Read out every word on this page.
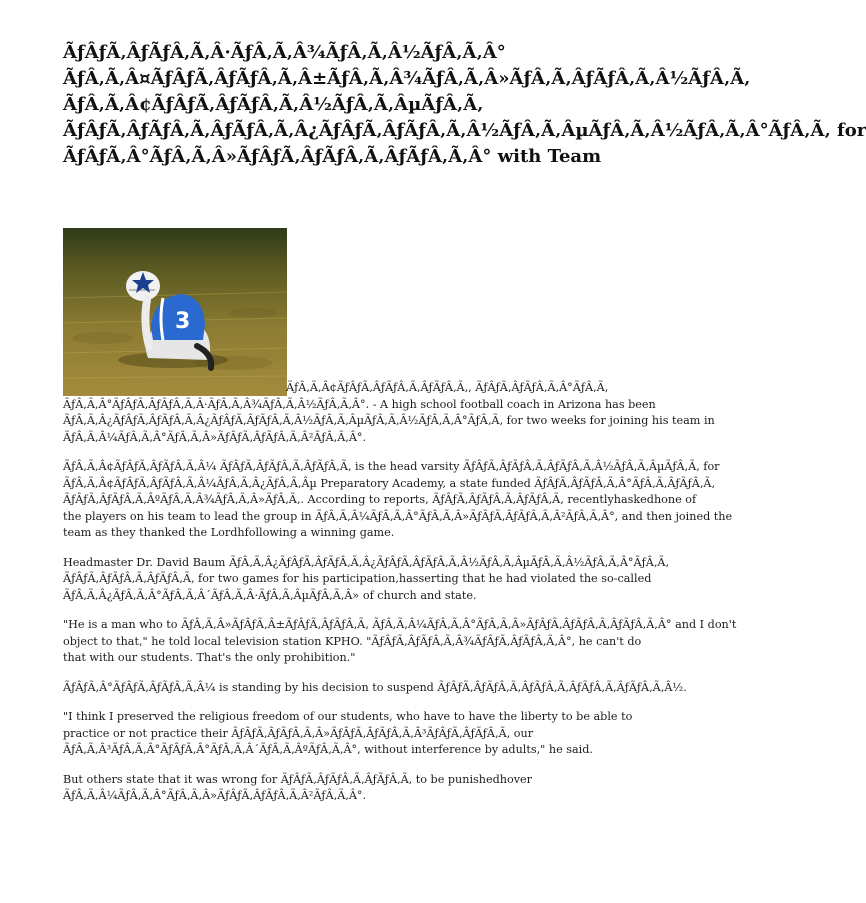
ÃƒÂƒÃ‚ÂƒÃƒÂ‚Ã‚Â·ÃƒÂ‚Ã‚Â¾ÃƒÂ‚Ã‚Â½ÃƒÂ‚Ã‚Â°
ÃƒÂ‚Ã‚Â¤ÃƒÂƒÃ‚ÂƒÃƒÂ‚Ã‚Â±ÃƒÂ‚Ã‚Â¾ÃƒÂ‚Ã‚Â»ÃƒÂ‚Ã‚ÂƒÃƒÂ‚Ã‚Â½ÃƒÂ‚Ã‚
ÃƒÂ‚Ã‚Â¢ÃƒÂƒÃ‚ÂƒÃƒÂ‚Ã‚Â½ÃƒÂ‚Ã‚ÂµÃƒÂ‚Ã‚
ÃƒÂƒÃ‚ÂƒÃƒÂ‚Ã‚ÂƒÃƒÂ‚Ã‚Â¿ÃƒÂƒÃ‚ÂƒÃƒÂ‚Ã‚Â½ÃƒÂ‚Ã‚ÂµÃƒÂ‚Ã‚Â½ÃƒÂ‚Ã‚Â°ÃƒÂ‚Ã‚ for
ÃƒÂƒÃ‚Â°ÃƒÂ‚Ã‚Â»ÃƒÂƒÃ‚ÂƒÃƒÂ‚Ã‚ÂƒÃƒÂ‚Ã‚Â° with Team
3

ÃƒÂ‚Ã‚Â¢ÃƒÂƒÃ‚ÂƒÃƒÂ‚Ã‚ÂƒÃƒÂ‚Ã‚, ÃƒÂƒÃ‚ÂƒÃƒÂ‚Ã‚Â°ÃƒÂ‚Ã‚
ÃƒÂ‚Ã‚Â°ÃƒÂƒÃ‚ÂƒÃƒÂ‚Ã‚Â·ÃƒÂ‚Ã‚Â¾ÃƒÂ‚Ã‚Â½ÃƒÂ‚Ã‚Â°. - A high school football coach in Arizona has been
ÃƒÂ‚Ã‚Â¿ÃƒÂƒÃ‚ÂƒÃƒÂ‚Ã‚Â¿ÃƒÂƒÃ‚ÂƒÃƒÂ‚Ã‚Â½ÃƒÂ‚Ã‚ÂµÃƒÂ‚Ã‚Â½ÃƒÂ‚Ã‚Â°ÃƒÂ‚Ã‚ for two weeks for joining his team in
ÃƒÂ‚Ã‚Â¼ÃƒÂ‚Ã‚Â°ÃƒÂ‚Ã‚Â»ÃƒÂƒÃ‚ÂƒÃƒÂ‚Ã‚Â²ÃƒÂ‚Ã‚Â°.

ÃƒÂ‚Ã‚Â¢ÃƒÂƒÃ‚ÂƒÃƒÂ‚Ã‚Â¼ ÃƒÂƒÃ‚ÂƒÃƒÂ‚Ã‚ÂƒÃƒÂ‚Ã‚ is the head varsity ÃƒÂƒÃ‚ÂƒÃƒÂ‚Ã‚ÂƒÃƒÂ‚Ã‚Â½ÃƒÂ‚Ã‚ÂµÃƒÂ‚Ã‚ for
ÃƒÂ‚Ã‚Â¢ÃƒÂƒÃ‚ÂƒÃƒÂ‚Ã‚Â¼ÃƒÂ‚Ã‚Â¿ÃƒÂ‚Ã‚Âµ Preparatory Academy, a state funded ÃƒÂƒÃ‚ÂƒÃƒÂ‚Ã‚Â°ÃƒÂ‚Ã‚ÂƒÃƒÂ‚Ã‚
ÃƒÂƒÃ‚ÂƒÃƒÂ‚Ã‚ÂºÃƒÂ‚Ã‚Â¾ÃƒÂ‚Ã‚Â»ÃƒÂ‚Ã‚. According to reports, ÃƒÂƒÃ‚ÂƒÃƒÂ‚Ã‚ÂƒÃƒÂ‚Ã‚ recentlyhaskedhone of
the players on his team to lead the group in ÃƒÂ‚Ã‚Â¼ÃƒÂ‚Ã‚Â°ÃƒÂ‚Ã‚Â»ÃƒÂƒÃ‚ÂƒÃƒÂ‚Ã‚Â²ÃƒÂ‚Ã‚Â°, and then joined the
team as they thanked the Lordhfollowing a winning game.

Headmaster Dr. David Baum ÃƒÂ‚Ã‚Â¿ÃƒÂƒÃ‚ÂƒÃƒÂ‚Ã‚Â¿ÃƒÂƒÃ‚ÂƒÃƒÂ‚Ã‚Â½ÃƒÂ‚Ã‚ÂµÃƒÂ‚Ã‚Â½ÃƒÂ‚Ã‚Â°ÃƒÂ‚Ã‚
ÃƒÂƒÃ‚ÂƒÃƒÂ‚Ã‚ÂƒÃƒÂ‚Ã‚ for two games for his participation,hasserting that he had violated the so-called
ÃƒÂ‚Ã‚Â¿ÃƒÂ‚Ã‚Â°ÃƒÂ‚Ã‚Â´ÃƒÂ‚Ã‚Â·ÃƒÂ‚Ã‚ÂµÃƒÂ‚Ã‚Â» of church and state.

"He is a man who to ÃƒÂ‚Ã‚Â»ÃƒÂƒÃ‚Â±ÃƒÂƒÃ‚ÂƒÃƒÂ‚Ã‚ ÃƒÂ‚Ã‚Â¼ÃƒÂ‚Ã‚Â°ÃƒÂ‚Ã‚Â»ÃƒÂƒÃ‚ÂƒÃƒÂ‚Ã‚ÂƒÃƒÂ‚Ã‚Â° and I don't
object to that," he told local television station KPHO. "ÃƒÂƒÃ‚ÂƒÃƒÂ‚Ã‚Â¾ÃƒÂƒÃ‚ÂƒÃƒÂ‚Ã‚Â°, he can't do
that with our students. That's the only prohibition."

ÃƒÂƒÃ‚Â°ÃƒÂƒÃ‚ÂƒÃƒÂ‚Ã‚Â¼ is standing by his decision to suspend ÃƒÂƒÃ‚ÂƒÃƒÂ‚Ã‚ÂƒÃƒÂ‚Ã‚ÂƒÃƒÂ‚Ã‚ÂƒÃƒÂ‚Ã‚Â½.

"I think I preserved the religious freedom of our students, who have to have the liberty to be able to
practice or not practice their ÃƒÂƒÃ‚ÂƒÃƒÂ‚Ã‚Â»ÃƒÂƒÃ‚ÂƒÃƒÂ‚Ã‚Â³ÃƒÂƒÃ‚ÂƒÃƒÂ‚Ã‚ our
ÃƒÂ‚Ã‚Â³ÃƒÂ‚Ã‚Â°ÃƒÂƒÃ‚Â°ÃƒÂ‚Ã‚Â´ÃƒÂ‚Ã‚ÂºÃƒÂ‚Ã‚Â°, without interference by adults," he said.

But others state that it was wrong for ÃƒÂƒÃ‚ÂƒÃƒÂ‚Ã‚ÂƒÃƒÂ‚Ã‚ to be punishedhover
ÃƒÂ‚Ã‚Â¼ÃƒÂ‚Ã‚Â°ÃƒÂ‚Ã‚Â»ÃƒÂƒÃ‚ÂƒÃƒÂ‚Ã‚Â²ÃƒÂ‚Ã‚Â°.
